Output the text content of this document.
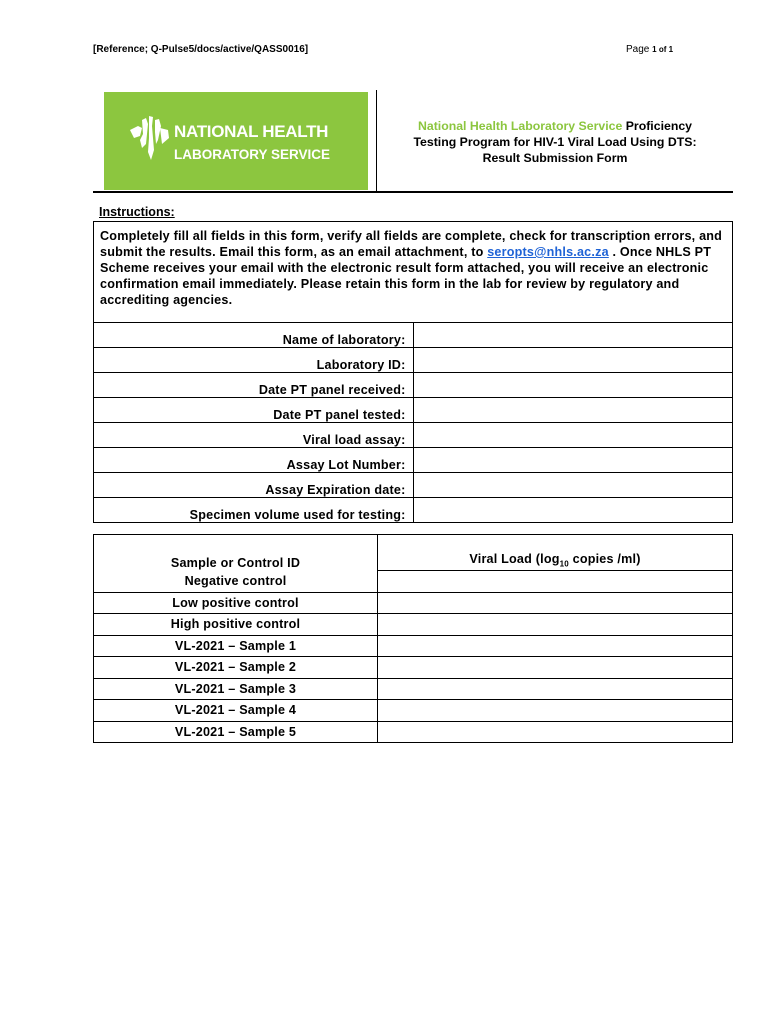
[Reference; Q-Pulse5/docs/active/QASS0016]	Page 1 of 1
NATIONAL HEALTH
LABORATORY SERVICE
National Health Laboratory Service Proficiency
Testing Program for HIV-1 Viral Load Using DTS:
Result Submission Form
Instructions:
Completely fill all fields in this form, verify all fields are complete, check for transcription errors, and submit the results. Email this form, as an email attachment, to seropts@nhls.ac.za . Once NHLS PT Scheme receives your email with the electronic result form attached, you will receive an electronic confirmation email immediately. Please retain this form in the lab for review by regulatory and accrediting agencies.	
Name of laboratory:	
Laboratory ID:	
Date PT panel received:	
Date PT panel tested:	
Viral load assay:	
Assay Lot Number:	
Assay Expiration date:	
Specimen volume used for testing:	
Sample or Control ID	Viral Load ($\log_{10}$ copies /ml)
Negative control	
Low positive control	
High positive control	
VL-2021 – Sample 1	
VL-2021 – Sample 2	
VL-2021 – Sample 3	
VL-2021 – Sample 4	
VL-2021 – Sample 5	
